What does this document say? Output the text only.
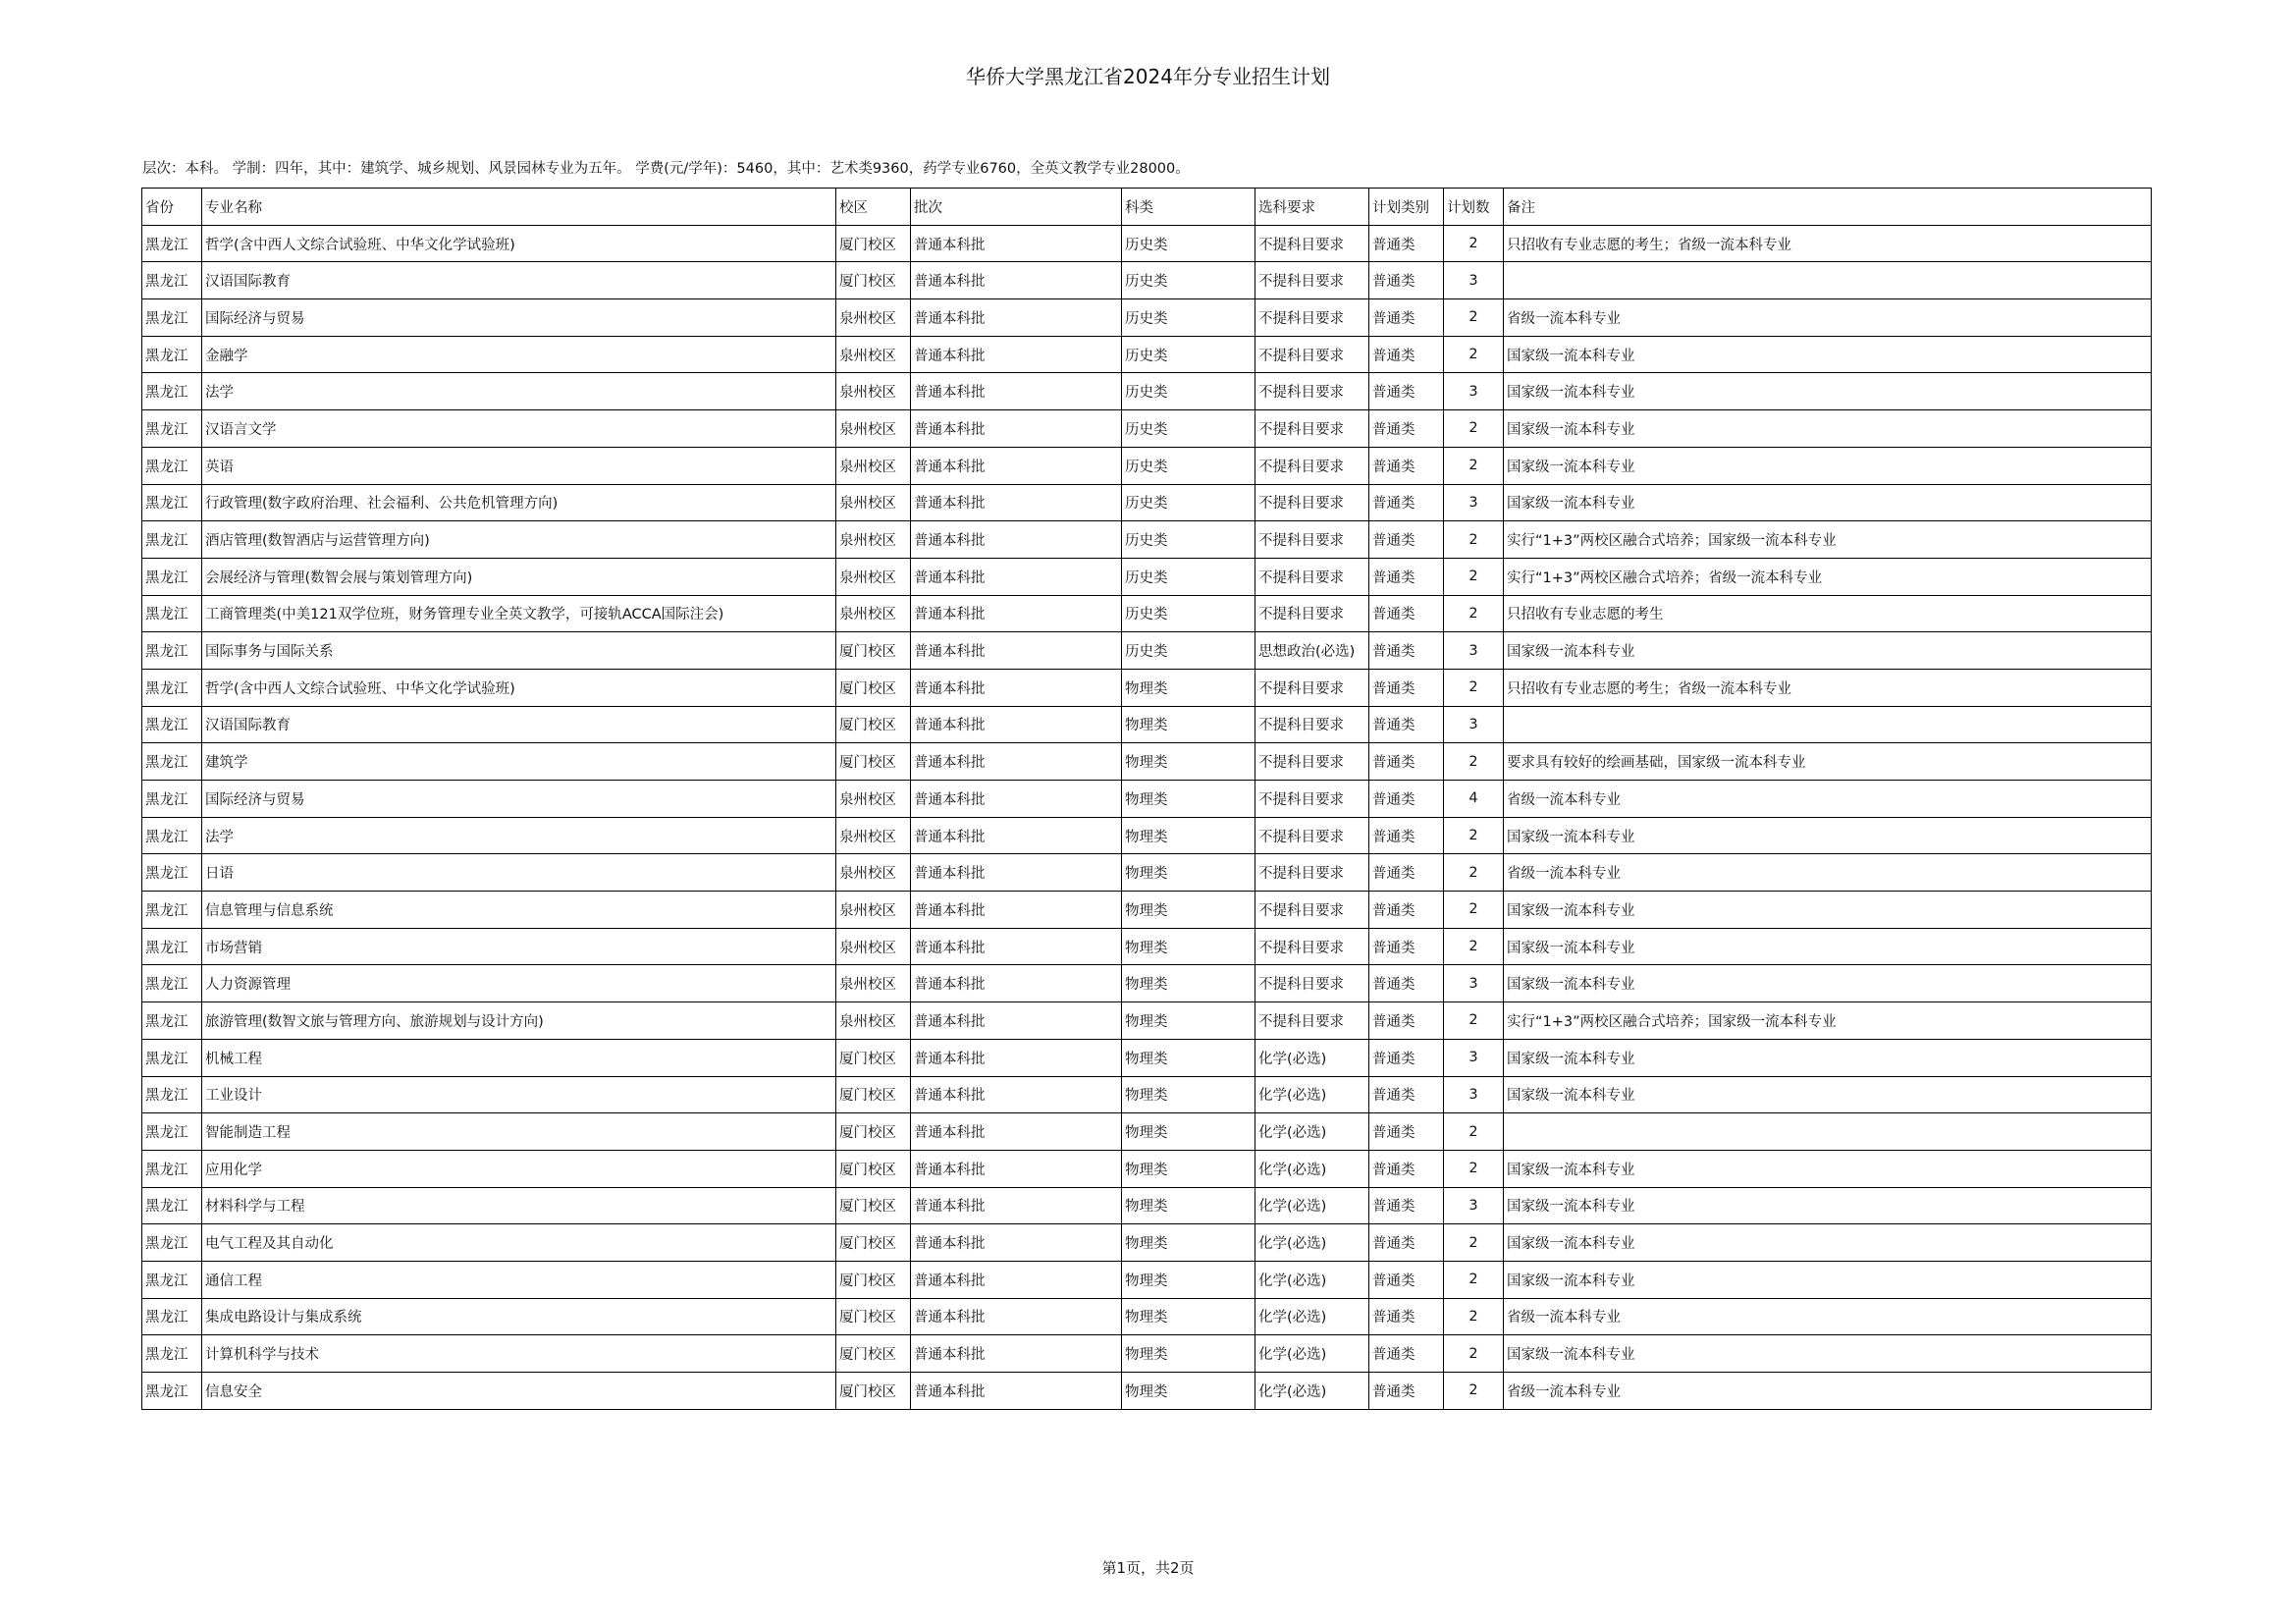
华侨大学黑龙江省2024年分专业招生计划
层次：本科。 学制：四年，其中：建筑学、城乡规划、风景园林专业为五年。 学费(元/学年)：5460，其中：艺术类9360，药学专业6760，全英文教学专业28000。
省份	专业名称	校区	批次	科类	选科要求	计划类别	计划数	备注
黑龙江	哲学(含中西人文综合试验班、中华文化学试验班)	厦门校区	普通本科批	历史类	不提科目要求	普通类	2	只招收有专业志愿的考生；省级一流本科专业
黑龙江	汉语国际教育	厦门校区	普通本科批	历史类	不提科目要求	普通类	3	
黑龙江	国际经济与贸易	泉州校区	普通本科批	历史类	不提科目要求	普通类	2	省级一流本科专业
黑龙江	金融学	泉州校区	普通本科批	历史类	不提科目要求	普通类	2	国家级一流本科专业
黑龙江	法学	泉州校区	普通本科批	历史类	不提科目要求	普通类	3	国家级一流本科专业
黑龙江	汉语言文学	泉州校区	普通本科批	历史类	不提科目要求	普通类	2	国家级一流本科专业
黑龙江	英语	泉州校区	普通本科批	历史类	不提科目要求	普通类	2	国家级一流本科专业
黑龙江	行政管理(数字政府治理、社会福利、公共危机管理方向)	泉州校区	普通本科批	历史类	不提科目要求	普通类	3	国家级一流本科专业
黑龙江	酒店管理(数智酒店与运营管理方向)	泉州校区	普通本科批	历史类	不提科目要求	普通类	2	实行“1+3”两校区融合式培养；国家级一流本科专业
黑龙江	会展经济与管理(数智会展与策划管理方向)	泉州校区	普通本科批	历史类	不提科目要求	普通类	2	实行“1+3”两校区融合式培养；省级一流本科专业
黑龙江	工商管理类(中美121双学位班，财务管理专业全英文教学，可接轨ACCA国际注会)	泉州校区	普通本科批	历史类	不提科目要求	普通类	2	只招收有专业志愿的考生
黑龙江	国际事务与国际关系	厦门校区	普通本科批	历史类	思想政治(必选)	普通类	3	国家级一流本科专业
黑龙江	哲学(含中西人文综合试验班、中华文化学试验班)	厦门校区	普通本科批	物理类	不提科目要求	普通类	2	只招收有专业志愿的考生；省级一流本科专业
黑龙江	汉语国际教育	厦门校区	普通本科批	物理类	不提科目要求	普通类	3	
黑龙江	建筑学	厦门校区	普通本科批	物理类	不提科目要求	普通类	2	要求具有较好的绘画基础，国家级一流本科专业
黑龙江	国际经济与贸易	泉州校区	普通本科批	物理类	不提科目要求	普通类	4	省级一流本科专业
黑龙江	法学	泉州校区	普通本科批	物理类	不提科目要求	普通类	2	国家级一流本科专业
黑龙江	日语	泉州校区	普通本科批	物理类	不提科目要求	普通类	2	省级一流本科专业
黑龙江	信息管理与信息系统	泉州校区	普通本科批	物理类	不提科目要求	普通类	2	国家级一流本科专业
黑龙江	市场营销	泉州校区	普通本科批	物理类	不提科目要求	普通类	2	国家级一流本科专业
黑龙江	人力资源管理	泉州校区	普通本科批	物理类	不提科目要求	普通类	3	国家级一流本科专业
黑龙江	旅游管理(数智文旅与管理方向、旅游规划与设计方向)	泉州校区	普通本科批	物理类	不提科目要求	普通类	2	实行“1+3”两校区融合式培养；国家级一流本科专业
黑龙江	机械工程	厦门校区	普通本科批	物理类	化学(必选)	普通类	3	国家级一流本科专业
黑龙江	工业设计	厦门校区	普通本科批	物理类	化学(必选)	普通类	3	国家级一流本科专业
黑龙江	智能制造工程	厦门校区	普通本科批	物理类	化学(必选)	普通类	2	
黑龙江	应用化学	厦门校区	普通本科批	物理类	化学(必选)	普通类	2	国家级一流本科专业
黑龙江	材料科学与工程	厦门校区	普通本科批	物理类	化学(必选)	普通类	3	国家级一流本科专业
黑龙江	电气工程及其自动化	厦门校区	普通本科批	物理类	化学(必选)	普通类	2	国家级一流本科专业
黑龙江	通信工程	厦门校区	普通本科批	物理类	化学(必选)	普通类	2	国家级一流本科专业
黑龙江	集成电路设计与集成系统	厦门校区	普通本科批	物理类	化学(必选)	普通类	2	省级一流本科专业
黑龙江	计算机科学与技术	厦门校区	普通本科批	物理类	化学(必选)	普通类	2	国家级一流本科专业
黑龙江	信息安全	厦门校区	普通本科批	物理类	化学(必选)	普通类	2	省级一流本科专业
第1页，共2页
